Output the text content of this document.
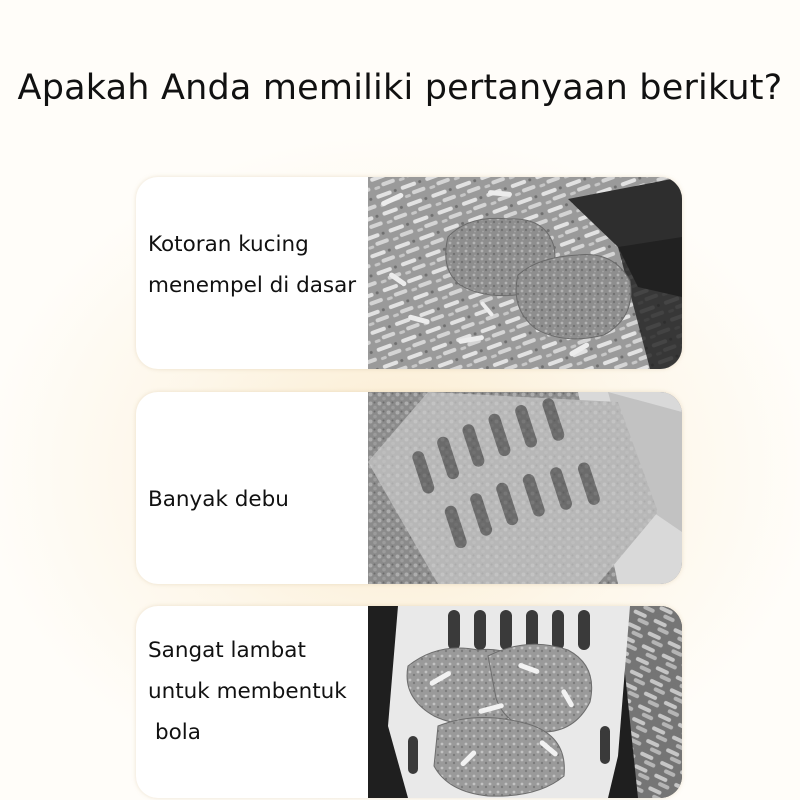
Apakah Anda memiliki pertanyaan berikut?
Kotoran kucing
menempel di dasar
Banyak debu
Sangat lambat
untuk membentuk
bola
